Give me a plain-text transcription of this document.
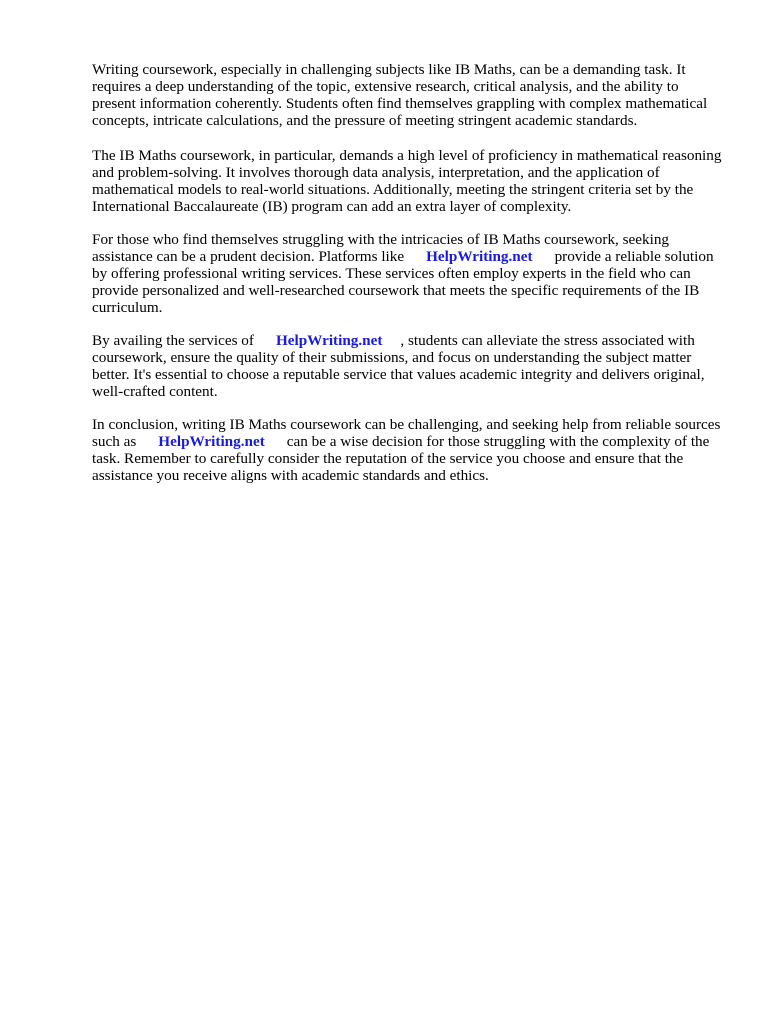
Writing coursework, especially in challenging subjects like IB Maths, can be a demanding task. It requires a deep understanding of the topic, extensive research, critical analysis, and the ability to present information coherently. Students often find themselves grappling with complex mathematical concepts, intricate calculations, and the pressure of meeting stringent academic standards.

The IB Maths coursework, in particular, demands a high level of proficiency in mathematical reasoning and problem-solving. It involves thorough data analysis, interpretation, and the application of mathematical models to real-world situations. Additionally, meeting the stringent criteria set by the International Baccalaureate (IB) program can add an extra layer of complexity.

For those who find themselves struggling with the intricacies of IB Maths coursework, seeking assistance can be a prudent decision. Platforms like HelpWriting.net provide a reliable solution by offering professional writing services. These services often employ experts in the field who can provide personalized and well-researched coursework that meets the specific requirements of the IB curriculum.

By availing the services of HelpWriting.net , students can alleviate the stress associated with coursework, ensure the quality of their submissions, and focus on understanding the subject matter better. It's essential to choose a reputable service that values academic integrity and delivers original, well-crafted content.

In conclusion, writing IB Maths coursework can be challenging, and seeking help from reliable sources such as HelpWriting.net can be a wise decision for those struggling with the complexity of the task. Remember to carefully consider the reputation of the service you choose and ensure that the assistance you receive aligns with academic standards and ethics.
